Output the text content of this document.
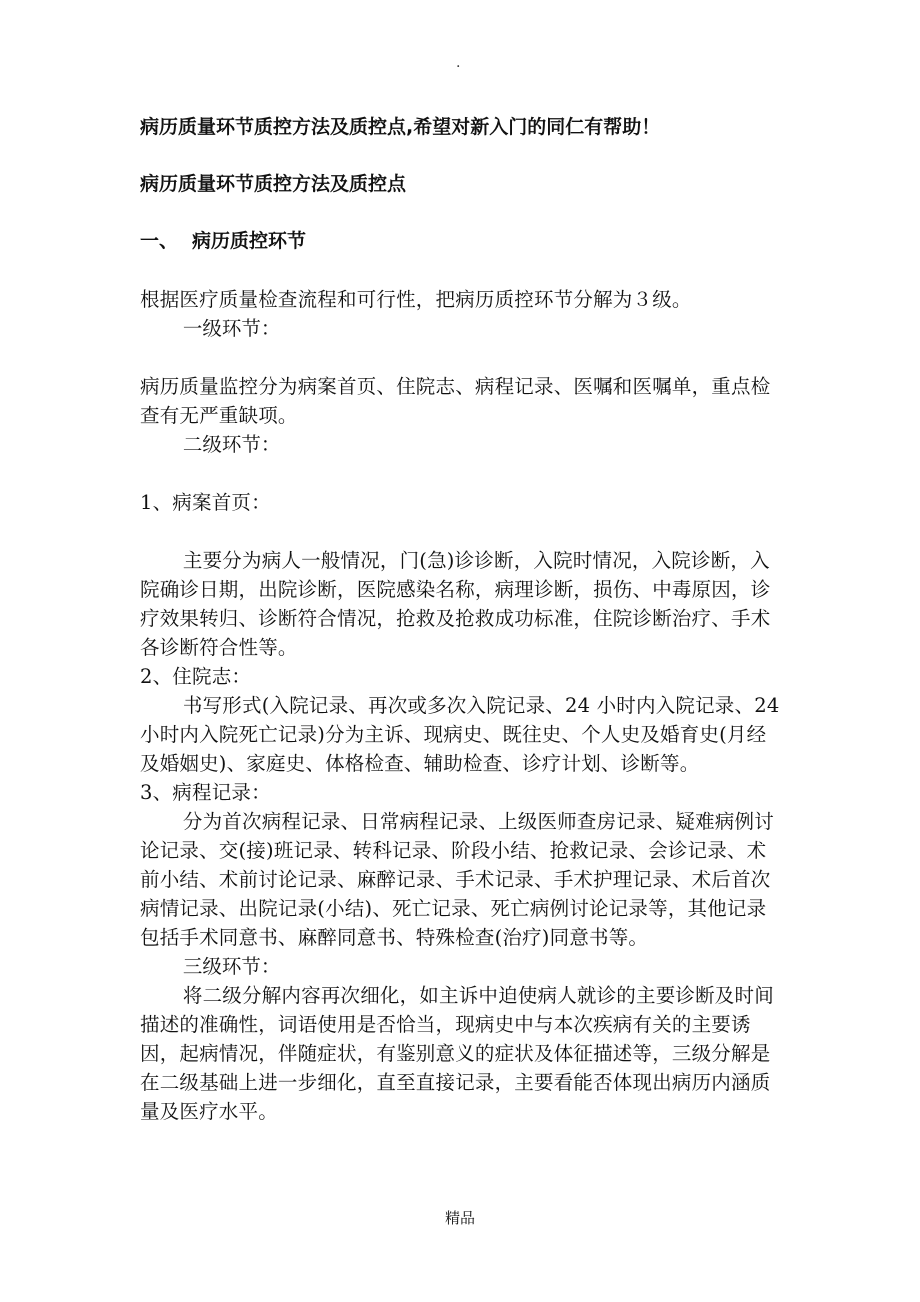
.

病历质量环节质控方法及质控点,希望对新入门的同仁有帮助！

病历质量环节质控方法及质控点

一、 病历质控环节

根据医疗质量检查流程和可行性，把病历质控环节分解为３级。

一级环节：

病历质量监控分为病案首页、住院志、病程记录、医嘱和医嘱单，重点检查有无严重缺项。

二级环节：

1、病案首页：

主要分为病人一般情况，门(急)诊诊断，入院时情况，入院诊断，入院确诊日期，出院诊断，医院感染名称，病理诊断，损伤、中毒原因，诊疗效果转归、诊断符合情况，抢救及抢救成功标准，住院诊断治疗、手术各诊断符合性等。

2、住院志：

书写形式(入院记录、再次或多次入院记录、24 小时内入院记录、24 小时内入院死亡记录)分为主诉、现病史、既往史、个人史及婚育史(月经及婚姻史)、家庭史、体格检查、辅助检查、诊疗计划、诊断等。

3、病程记录：

分为首次病程记录、日常病程记录、上级医师查房记录、疑难病例讨论记录、交(接)班记录、转科记录、阶段小结、抢救记录、会诊记录、术前小结、术前讨论记录、麻醉记录、手术记录、手术护理记录、术后首次病情记录、出院记录(小结)、死亡记录、死亡病例讨论记录等，其他记录包括手术同意书、麻醉同意书、特殊检查(治疗)同意书等。

三级环节：

将二级分解内容再次细化，如主诉中迫使病人就诊的主要诊断及时间描述的准确性，词语使用是否恰当，现病史中与本次疾病有关的主要诱因，起病情况，伴随症状，有鉴别意义的症状及体征描述等，三级分解是在二级基础上进一步细化，直至直接记录，主要看能否体现出病历内涵质量及医疗水平。

精品
